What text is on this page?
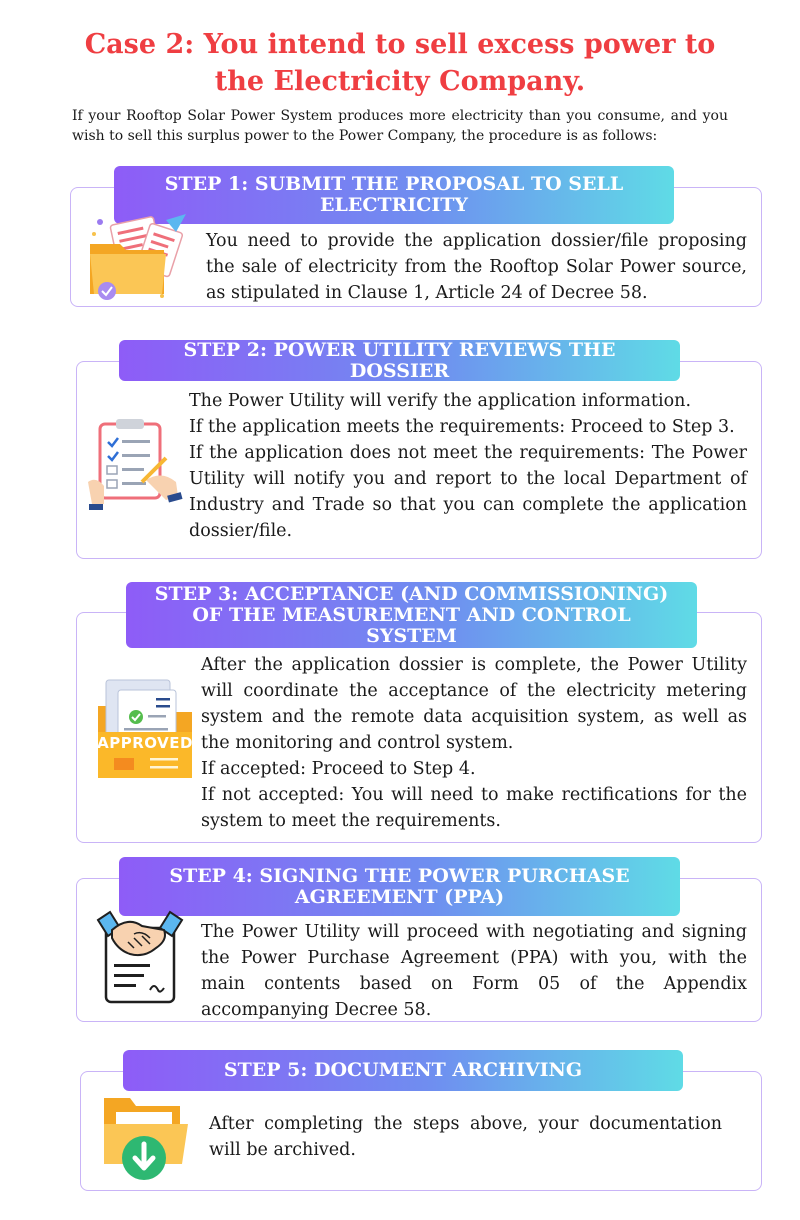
Case 2: You intend to sell excess power to the Electricity Company.
If your Rooftop Solar Power System produces more electricity than you consume, and you wish to sell this surplus power to the Power Company, the procedure is as follows:
STEP 1: SUBMIT THE PROPOSAL TO SELL ELECTRICITY

You need to provide the application dossier/file proposing the sale of electricity from the Rooftop Solar Power source, as stipulated in Clause 1, Article 24 of Decree 58.

STEP 2: POWER UTILITY REVIEWS THE DOSSIER

The Power Utility will verify the application information.

If the application meets the requirements: Proceed to Step 3.

If the application does not meet the requirements: The Power Utility will notify you and report to the local Department of Industry and Trade so that you can complete the application dossier/file.

STEP 3: ACCEPTANCE (AND COMMISSIONING) OF THE MEASUREMENT AND CONTROL SYSTEM
APPROVED

After the application dossier is complete, the Power Utility will coordinate the acceptance of the electricity metering system and the remote data acquisition system, as well as the monitoring and control system.

If accepted: Proceed to Step 4.

If not accepted: You will need to make rectifications for the system to meet the requirements.

STEP 4: SIGNING THE POWER PURCHASE AGREEMENT (PPA)

The Power Utility will proceed with negotiating and signing the Power Purchase Agreement (PPA) with you, with the main contents based on Form 05 of the Appendix accompanying Decree 58.

STEP 5: DOCUMENT ARCHIVING

After completing the steps above, your documentation will be archived.
